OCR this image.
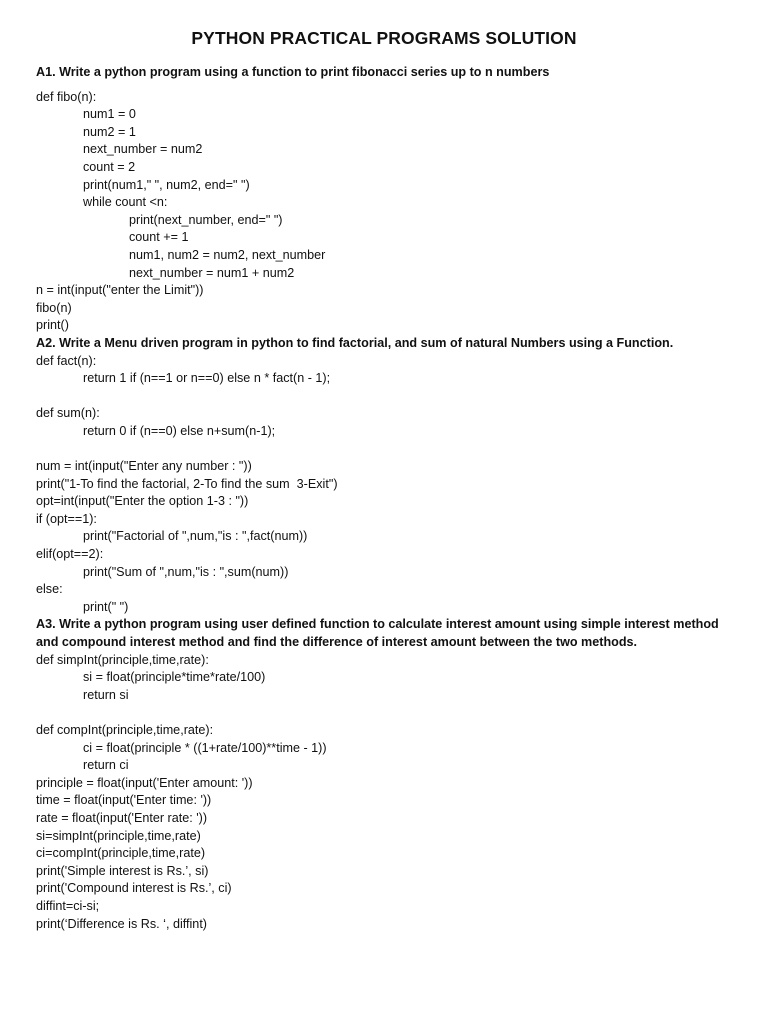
PYTHON PRACTICAL PROGRAMS SOLUTION
A1. Write a python program using a function to print fibonacci series up to n numbers
def fibo(n):
num1 = 0
num2 = 1
next_number = num2
count = 2
print(num1," ", num2, end=" ")
while count <n:
print(next_number, end=" ")
count += 1
num1, num2 = num2, next_number
next_number = num1 + num2
n = int(input("enter the Limit"))
fibo(n)
print()
A2. Write a Menu driven program in python to find factorial, and sum of natural Numbers using a Function.
def fact(n):
return 1 if (n==1 or n==0) else n * fact(n - 1);
def sum(n):
return 0 if (n==0) else n+sum(n-1);
num = int(input("Enter any number : "))
print("1-To find the factorial, 2-To find the sum  3-Exit")
opt=int(input("Enter the option 1-3 : "))
if (opt==1):
print("Factorial of ",num,"is : ",fact(num))
elif(opt==2):
print("Sum of ",num,"is : ",sum(num))
else:
print(" ")
A3. Write a python program using user defined function to calculate interest amount using simple interest method and compound interest method and find the difference of interest amount between the two methods.
def simpInt(principle,time,rate):
si = float(principle*time*rate/100)
return si
def compInt(principle,time,rate):
ci = float(principle * ((1+rate/100)**time - 1))
return ci
principle = float(input('Enter amount: '))
time = float(input('Enter time: '))
rate = float(input('Enter rate: '))
si=simpInt(principle,time,rate)
ci=compInt(principle,time,rate)
print('Simple interest is Rs.’, si)
print('Compound interest is Rs.’, ci)
diffint=ci-si;
print(‘Difference is Rs. ‘, diffint)
